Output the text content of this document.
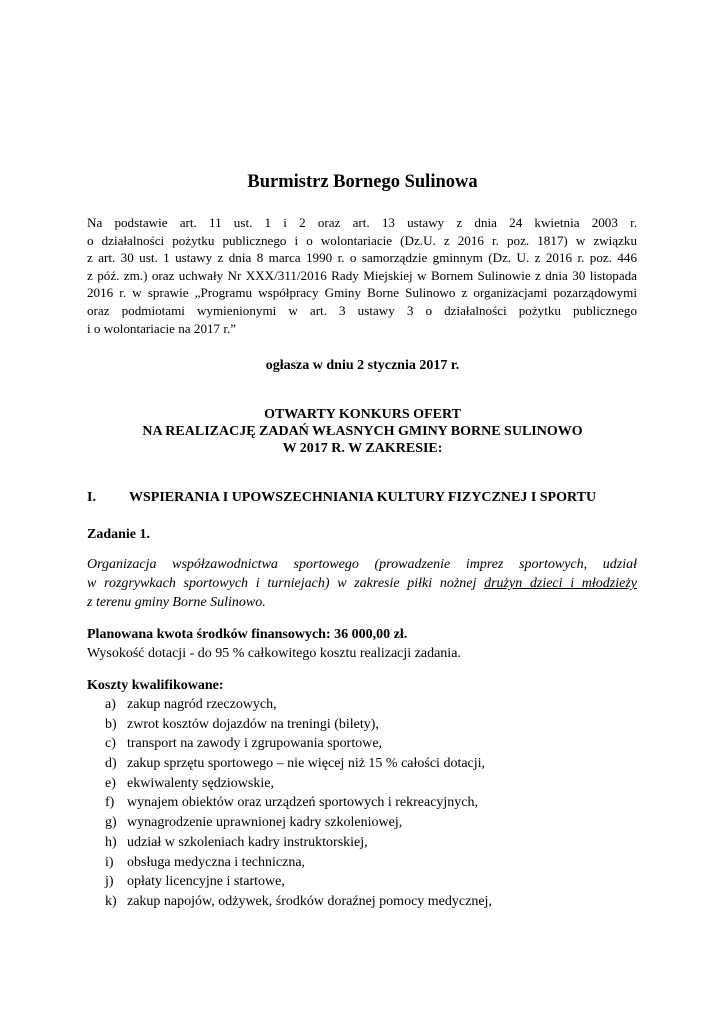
Burmistrz Bornego Sulinowa
Na podstawie art. 11 ust. 1 i 2 oraz art. 13 ustawy z dnia 24 kwietnia 2003 r.
o działalności pożytku publicznego i o wolontariacie (Dz.U. z 2016 r. poz. 1817) w związku
z art. 30 ust. 1 ustawy z dnia 8 marca 1990 r. o samorządzie gminnym (Dz. U. z 2016 r. poz. 446
z póź. zm.) oraz uchwały Nr XXX/311/2016 Rady Miejskiej w Bornem Sulinowie z dnia 30 listopada
2016 r. w sprawie „Programu współpracy Gminy Borne Sulinowo z organizacjami pozarządowymi
oraz podmiotami wymienionymi w art. 3 ustawy 3 o działalności pożytku publicznego
i o wolontariacie na 2017 r.”
ogłasza w dniu 2 stycznia 2017 r.
OTWARTY KONKURS OFERT
NA REALIZACJĘ ZADAŃ WŁASNYCH GMINY BORNE SULINOWO
W 2017 R. W ZAKRESIE:
I. WSPIERANIA I UPOWSZECHNIANIA KULTURY FIZYCZNEJ I SPORTU
Zadanie 1.
Organizacja współzawodnictwa sportowego (prowadzenie imprez sportowych, udział
w rozgrywkach sportowych i turniejach) w zakresie piłki nożnej drużyn dzieci i młodzieży
z terenu gminy Borne Sulinowo.
Planowana kwota środków finansowych: 36 000,00 zł.
Wysokość dotacji - do 95 % całkowitego kosztu realizacji zadania.
Koszty kwalifikowane:
a) zakup nagród rzeczowych,
b) zwrot kosztów dojazdów na treningi (bilety),
c) transport na zawody i zgrupowania sportowe,
d) zakup sprzętu sportowego – nie więcej niż 15 % całości dotacji,
e) ekwiwalenty sędziowskie,
f) wynajem obiektów oraz urządzeń sportowych i rekreacyjnych,
g) wynagrodzenie uprawnionej kadry szkoleniowej,
h) udział w szkoleniach kadry instruktorskiej,
i) obsługa medyczna i techniczna,
j) opłaty licencyjne i startowe,
k) zakup napojów, odżywek, środków doraźnej pomocy medycznej,
